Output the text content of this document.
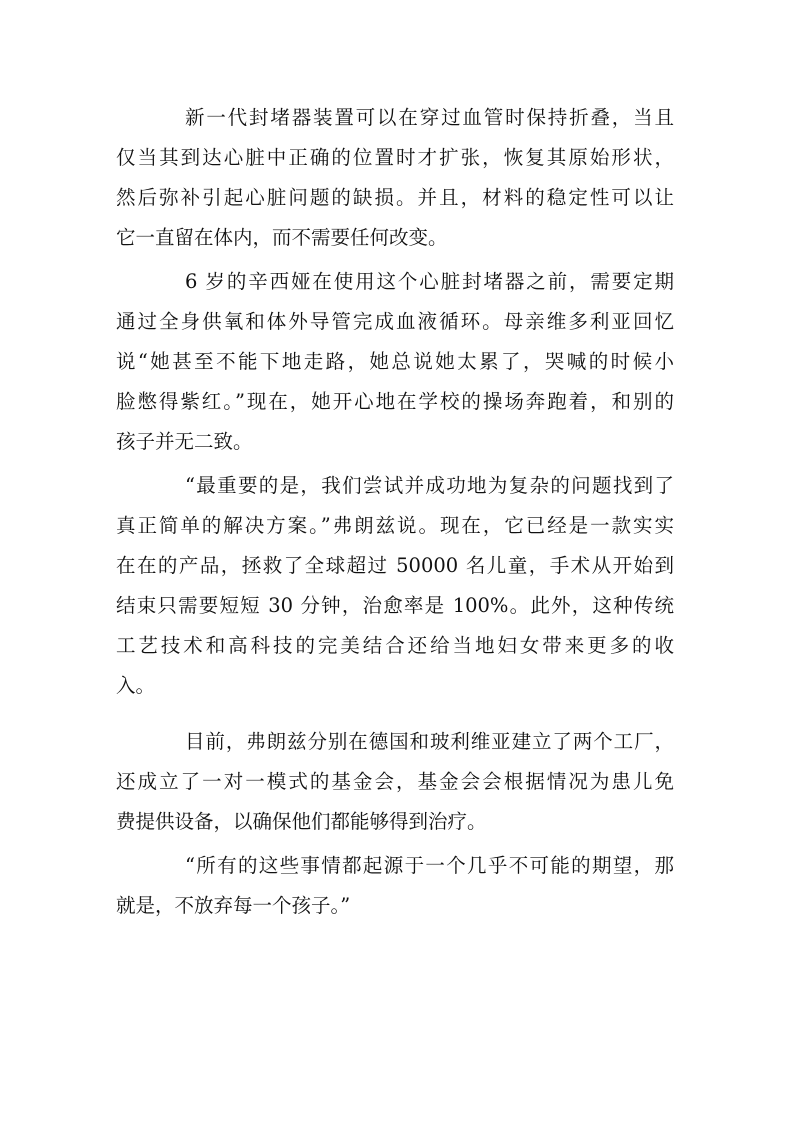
新一代封堵器装置可以在穿过血管时保持折叠，当且

仅当其到达心脏中正确的位置时才扩张，恢复其原始形状，

然后弥补引起心脏问题的缺损。并且，材料的稳定性可以让

它一直留在体内，而不需要任何改变。

6 岁的辛西娅在使用这个心脏封堵器之前，需要定期

通过全身供氧和体外导管完成血液循环。母亲维多利亚回忆

说“她甚至不能下地走路，她总说她太累了，哭喊的时候小

脸憋得紫红。”现在，她开心地在学校的操场奔跑着，和别的

孩子并无二致。

“最重要的是，我们尝试并成功地为复杂的问题找到了

真正简单的解决方案。”弗朗兹说。现在，它已经是一款实实

在在的产品，拯救了全球超过 50000 名儿童，手术从开始到

结束只需要短短 30 分钟，治愈率是 100%。此外，这种传统

工艺技术和高科技的完美结合还给当地妇女带来更多的收

入。

目前，弗朗兹分别在德国和玻利维亚建立了两个工厂，

还成立了一对一模式的基金会，基金会会根据情况为患儿免

费提供设备，以确保他们都能够得到治疗。

“所有的这些事情都起源于一个几乎不可能的期望，那

就是，不放弃每一个孩子。”
